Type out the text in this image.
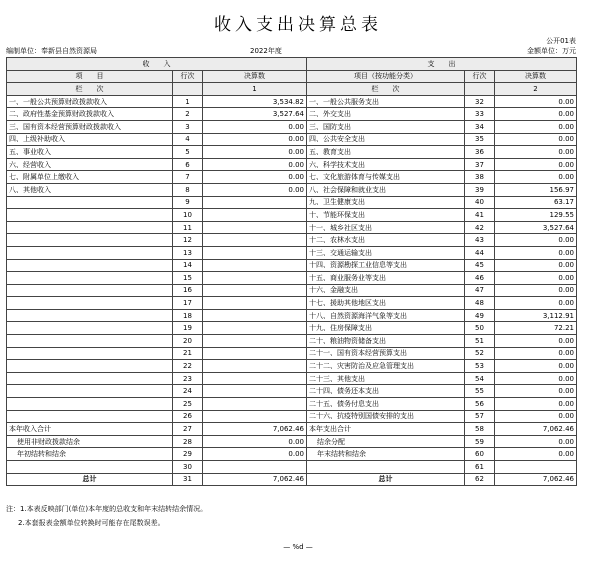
收入支出决算总表
公开01表
编制单位：奉新县自然资源局	2022年度	金额单位：万元
收　　入			支　　出		
项　　目	行次	决算数	项目（按功能分类）	行次	决算数
栏　　次		1	栏　　次		2
一、一般公共预算财政拨款收入	1	3,534.82	一、一般公共服务支出	32	0.00
二、政府性基金预算财政拨款收入	2	3,527.64	二、外交支出	33	0.00
三、国有资本经营预算财政拨款收入	3	0.00	三、国防支出	34	0.00
四、上级补助收入	4	0.00	四、公共安全支出	35	0.00
五、事业收入	5	0.00	五、教育支出	36	0.00
六、经营收入	6	0.00	六、科学技术支出	37	0.00
七、附属单位上缴收入	7	0.00	七、文化旅游体育与传媒支出	38	0.00
八、其他收入	8	0.00	八、社会保障和就业支出	39	156.97
	9		九、卫生健康支出	40	63.17
	10		十、节能环保支出	41	129.55
	11		十一、城乡社区支出	42	3,527.64
	12		十二、农林水支出	43	0.00
	13		十三、交通运输支出	44	0.00
	14		十四、资源勘探工业信息等支出	45	0.00
	15		十五、商业服务业等支出	46	0.00
	16		十六、金融支出	47	0.00
	17		十七、援助其他地区支出	48	0.00
	18		十八、自然资源海洋气象等支出	49	3,112.91
	19		十九、住房保障支出	50	72.21
	20		二十、粮油物资储备支出	51	0.00
	21		二十一、国有资本经营预算支出	52	0.00
	22		二十二、灾害防治及应急管理支出	53	0.00
	23		二十三、其他支出	54	0.00
	24		二十四、债务还本支出	55	0.00
	25		二十五、债务付息支出	56	0.00
	26		二十六、抗疫特别国债安排的支出	57	0.00
本年收入合计	27	7,062.46	本年支出合计	58	7,062.46
使用非财政拨款结余	28	0.00	结余分配	59	0.00
年初结转和结余	29	0.00	年末结转和结余	60	0.00
	30			61	
总计	31	7,062.46	总计	62	7,062.46
注：1.本表反映部门(单位)本年度的总收支和年末结转结余情况。
2.本套报表金额单位转换时可能存在尾数误差。
— %d —
